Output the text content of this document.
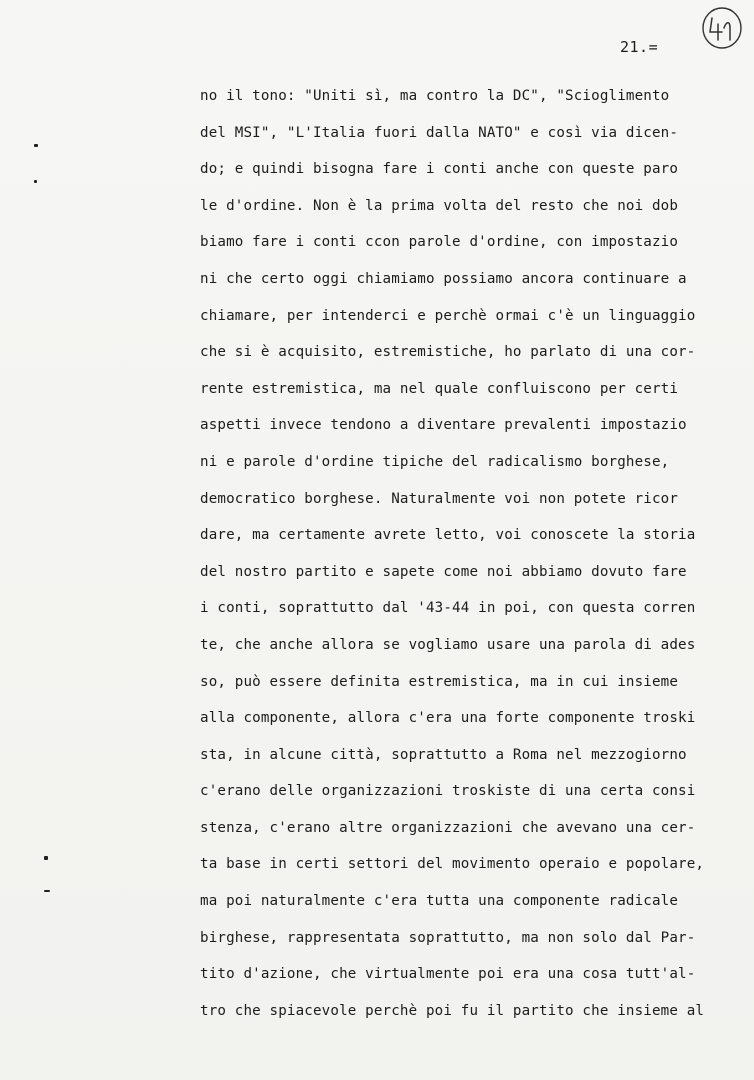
21.=
no il tono: "Uniti sì, ma contro la DC", "Scioglimento
del MSI", "L'Italia fuori dalla NATO" e così via dicen-
do; e quindi bisogna fare i conti anche con queste paro
le d'ordine. Non è la prima volta del resto che noi dob
biamo fare i conti ccon parole d'ordine, con impostazio
ni che certo oggi chiamiamo possiamo ancora continuare a
chiamare, per intenderci e perchè ormai c'è un linguaggio
che si è acquisito, estremistiche, ho parlato di una cor-
rente estremistica, ma nel quale confluiscono per certi
aspetti invece tendono a diventare prevalenti impostazio
ni e parole d'ordine tipiche del radicalismo borghese,
democratico borghese. Naturalmente voi non potete ricor
dare, ma certamente avrete letto, voi conoscete la storia
del nostro partito e sapete come noi abbiamo dovuto fare
i conti, soprattutto dal '43-44 in poi, con questa corren
te, che anche allora se vogliamo usare una parola di ades
so, può essere definita estremistica, ma in cui insieme
alla componente, allora c'era una forte componente troski
sta, in alcune città, soprattutto a Roma nel mezzogiorno
c'erano delle organizzazioni troskiste di una certa consi
stenza, c'erano altre organizzazioni che avevano una cer-
ta base in certi settori del movimento operaio e popolare,
ma poi naturalmente c'era tutta una componente radicale
birghese, rappresentata soprattutto, ma non solo dal Par-
tito d'azione, che virtualmente poi era una cosa tutt'al-
tro che spiacevole perchè poi fu il partito che insieme al
